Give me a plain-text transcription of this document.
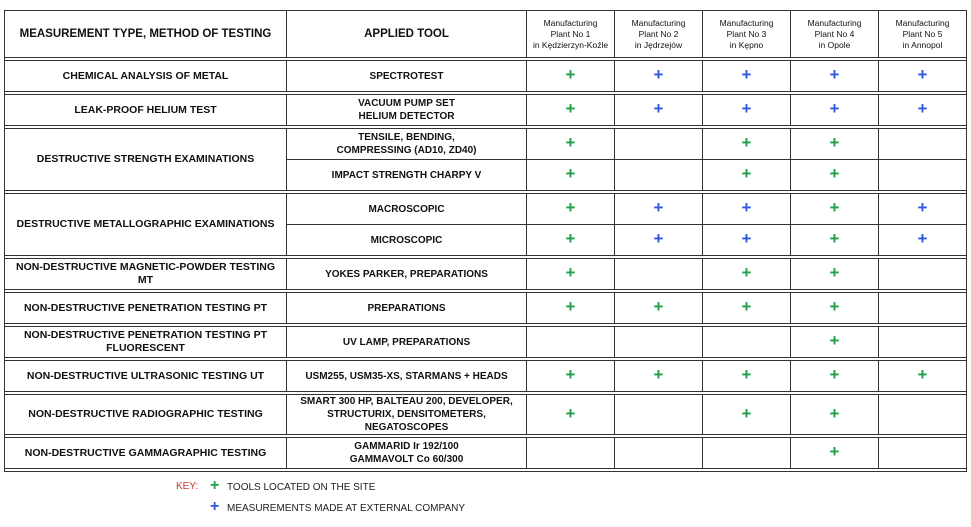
MEASUREMENT TYPE, METHOD OF TESTING	APPLIED TOOL	Manufacturing
Plant No 1
in Kędzierzyn-Koźle	Manufacturing
Plant No 2
in Jędrzejów	Manufacturing
Plant No 3
in Kępno	Manufacturing
Plant No 4
in Opole	Manufacturing
Plant No 5
in Annopol

CHEMICAL ANALYSIS OF METAL	SPECTROTEST	+	+	+	+	+

LEAK-PROOF HELIUM TEST	VACUUM PUMP SET
HELIUM DETECTOR	+	+	+	+	+

DESTRUCTIVE STRENGTH EXAMINATIONS	TENSILE, BENDING,
COMPRESSING (AD10, ZD40)	+		+	+	
	IMPACT STRENGTH CHARPY V	+		+	+	

DESTRUCTIVE METALLOGRAPHIC EXAMINATIONS	MACROSCOPIC	+	+	+	+	+
	MICROSCOPIC	+	+	+	+	+

NON-DESTRUCTIVE MAGNETIC-POWDER TESTING MT	YOKES PARKER, PREPARATIONS	+		+	+	

NON-DESTRUCTIVE PENETRATION TESTING PT	PREPARATIONS	+	+	+	+	

NON-DESTRUCTIVE PENETRATION TESTING PT
FLUORESCENT	UV LAMP, PREPARATIONS				+	

NON-DESTRUCTIVE ULTRASONIC TESTING UT	USM255, USM35-XS, STARMANS + HEADS	+	+	+	+	+

NON-DESTRUCTIVE RADIOGRAPHIC TESTING	SMART 300 HP, BALTEAU 200, DEVELOPER,
STRUCTURIX, DENSITOMETERS, NEGATOSCOPES	+		+	+	

NON-DESTRUCTIVE GAMMAGRAPHIC TESTING	GAMMARID Ir 192/100
GAMMAVOLT Co 60/300				+	

KEY: + TOOLS LOCATED ON THE SITE
+ MEASUREMENTS MADE AT EXTERNAL COMPANY
